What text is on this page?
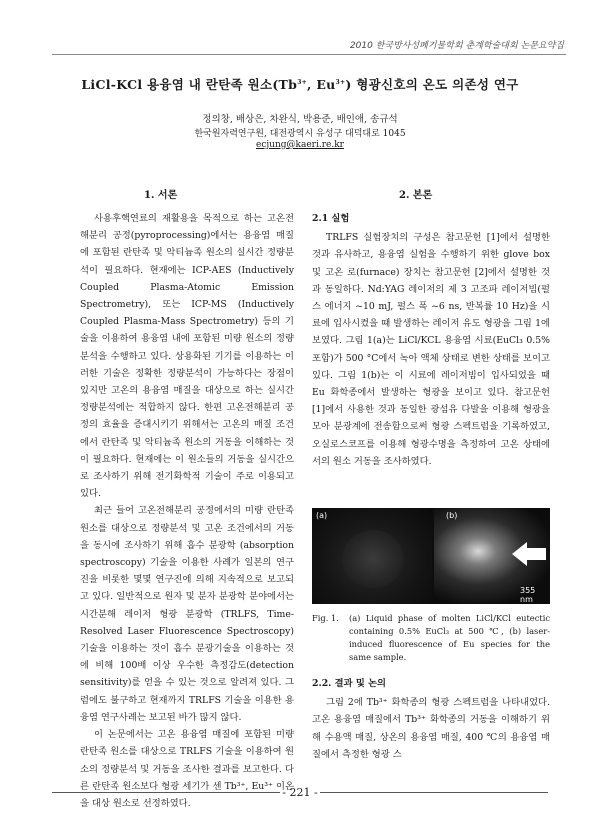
2010 한국방사성폐기물학회 춘계학술대회 논문요약집
LiCl-KCl 용융염 내 란탄족 원소($Tb^{3+}$, $Eu^{3+}$) 형광신호의 온도 의존성 연구
정의창, 배상은, 차완식, 박용준, 배인애, 송규석
한국원자력연구원, 대전광역시 유성구 대덕대로 1045
ecjung@kaeri.re.kr
1. 서론	2. 본론

사용후핵연료의 재활용을 목적으로 하는 고온전해분리 공정(pyroprocessing)에서는 용융염 매질에 포함된 란탄족 및 악티늄족 원소의 실시간 정량분석이 필요하다. 현재에는 ICP-AES (Inductively Coupled Plasma-Atomic Emission Spectrometry), 또는 ICP-MS (Inductively Coupled Plasma-Mass Spectrometry) 등의 기술을 이용하여 용융염 내에 포함된 미량 원소의 정량분석을 수행하고 있다. 상용화된 기기를 이용하는 이러한 기술은 정확한 정량분석이 가능하다는 장점이 있지만 고온의 용융염 매질을 대상으로 하는 실시간 정량분석에는 적합하지 않다. 한편 고온전해분리 공정의 효율을 증대시키기 위해서는 고온의 매질 조건에서 란탄족 및 악티늄족 원소의 거동을 이해하는 것이 필요하다. 현재에는 이 원소들의 거동을 실시간으로 조사하기 위해 전기화학적 기술이 주로 이용되고 있다.

최근 들어 고온전해분리 공정에서의 미량 란탄족 원소를 대상으로 정량분석 및 고온 조건에서의 거동을 동시에 조사하기 위해 흡수 분광학 (absorption spectroscopy) 기술을 이용한 사례가 일본의 연구진을 비롯한 몇몇 연구진에 의해 지속적으로 보고되고 있다. 일반적으로 원자 및 분자 분광학 분야에서는 시간분해 레이저 형광 분광학 (TRLFS, Time-Resolved Laser Fluorescence Spectroscopy) 기술을 이용하는 것이 흡수 분광기술을 이용하는 것에 비해 100배 이상 우수한 측정감도(detection sensitivity)를 얻을 수 있는 것으로 알려져 있다. 그럼에도 불구하고 현재까지 TRLFS 기술을 이용한 용융염 연구사례는 보고된 바가 많지 않다.

이 논문에서는 고온 용융염 매질에 포함된 미량 란탄족 원소를 대상으로 TRLFS 기술을 이용하여 원소의 정량분석 및 거동을 조사한 결과를 보고한다. 다른 란탄족 원소보다 형광 세기가 센 Tb³⁺, Eu³⁺ 이온을 대상 원소로 선정하였다.

2.1 실험

TRLFS 실험장치의 구성은 참고문헌 [1]에서 설명한 것과 유사하고, 용융염 실험을 수행하기 위한 glove box 및 고온 로(furnace) 장치는 참고문헌 [2]에서 설명한 것과 동일하다. Nd:YAG 레이저의 제 3 고조파 레이저빔(펄스 에너지 ~10 mJ, 펄스 폭 ~6 ns, 반복률 10 Hz)을 시료에 입사시켰을 때 발생하는 레이저 유도 형광을 그림 1에 보였다. 그림 1(a)는 LiCl/KCL 용융염 시료(EuCl₃ 0.5% 포함)가 500 °C에서 녹아 액체 상태로 변한 상태를 보이고 있다. 그림 1(b)는 이 시료에 레이저빔이 입사되었을 때 Eu 화학종에서 발생하는 형광을 보이고 있다. 참고문헌 [1]에서 사용한 것과 동일한 광섬유 다발을 이용해 형광을 모아 분광계에 전송함으로써 형광 스펙트럼을 기록하였고, 오실로스코프를 이용해 형광수명을 측정하여 고온 상태에서의 원소 거동을 조사하였다.

(a)	(b)
355 nm
Fig. 1. (a) Liquid phase of molten LiCl/KCl eutectic containing 0.5% EuCl₃ at 500 ℃, (b) laser-induced fluorescence of Eu species for the same sample.

2.2. 결과 및 논의

그림 2에 Tb³⁺ 화학종의 형광 스펙트럼을 나타내었다. 고온 용융염 매질에서 Tb³⁺ 화학종의 거동을 이해하기 위해 수용액 매질, 상온의 용융염 매질, 400 ℃의 용융염 매질에서 측정한 형광 스

- 221 -
